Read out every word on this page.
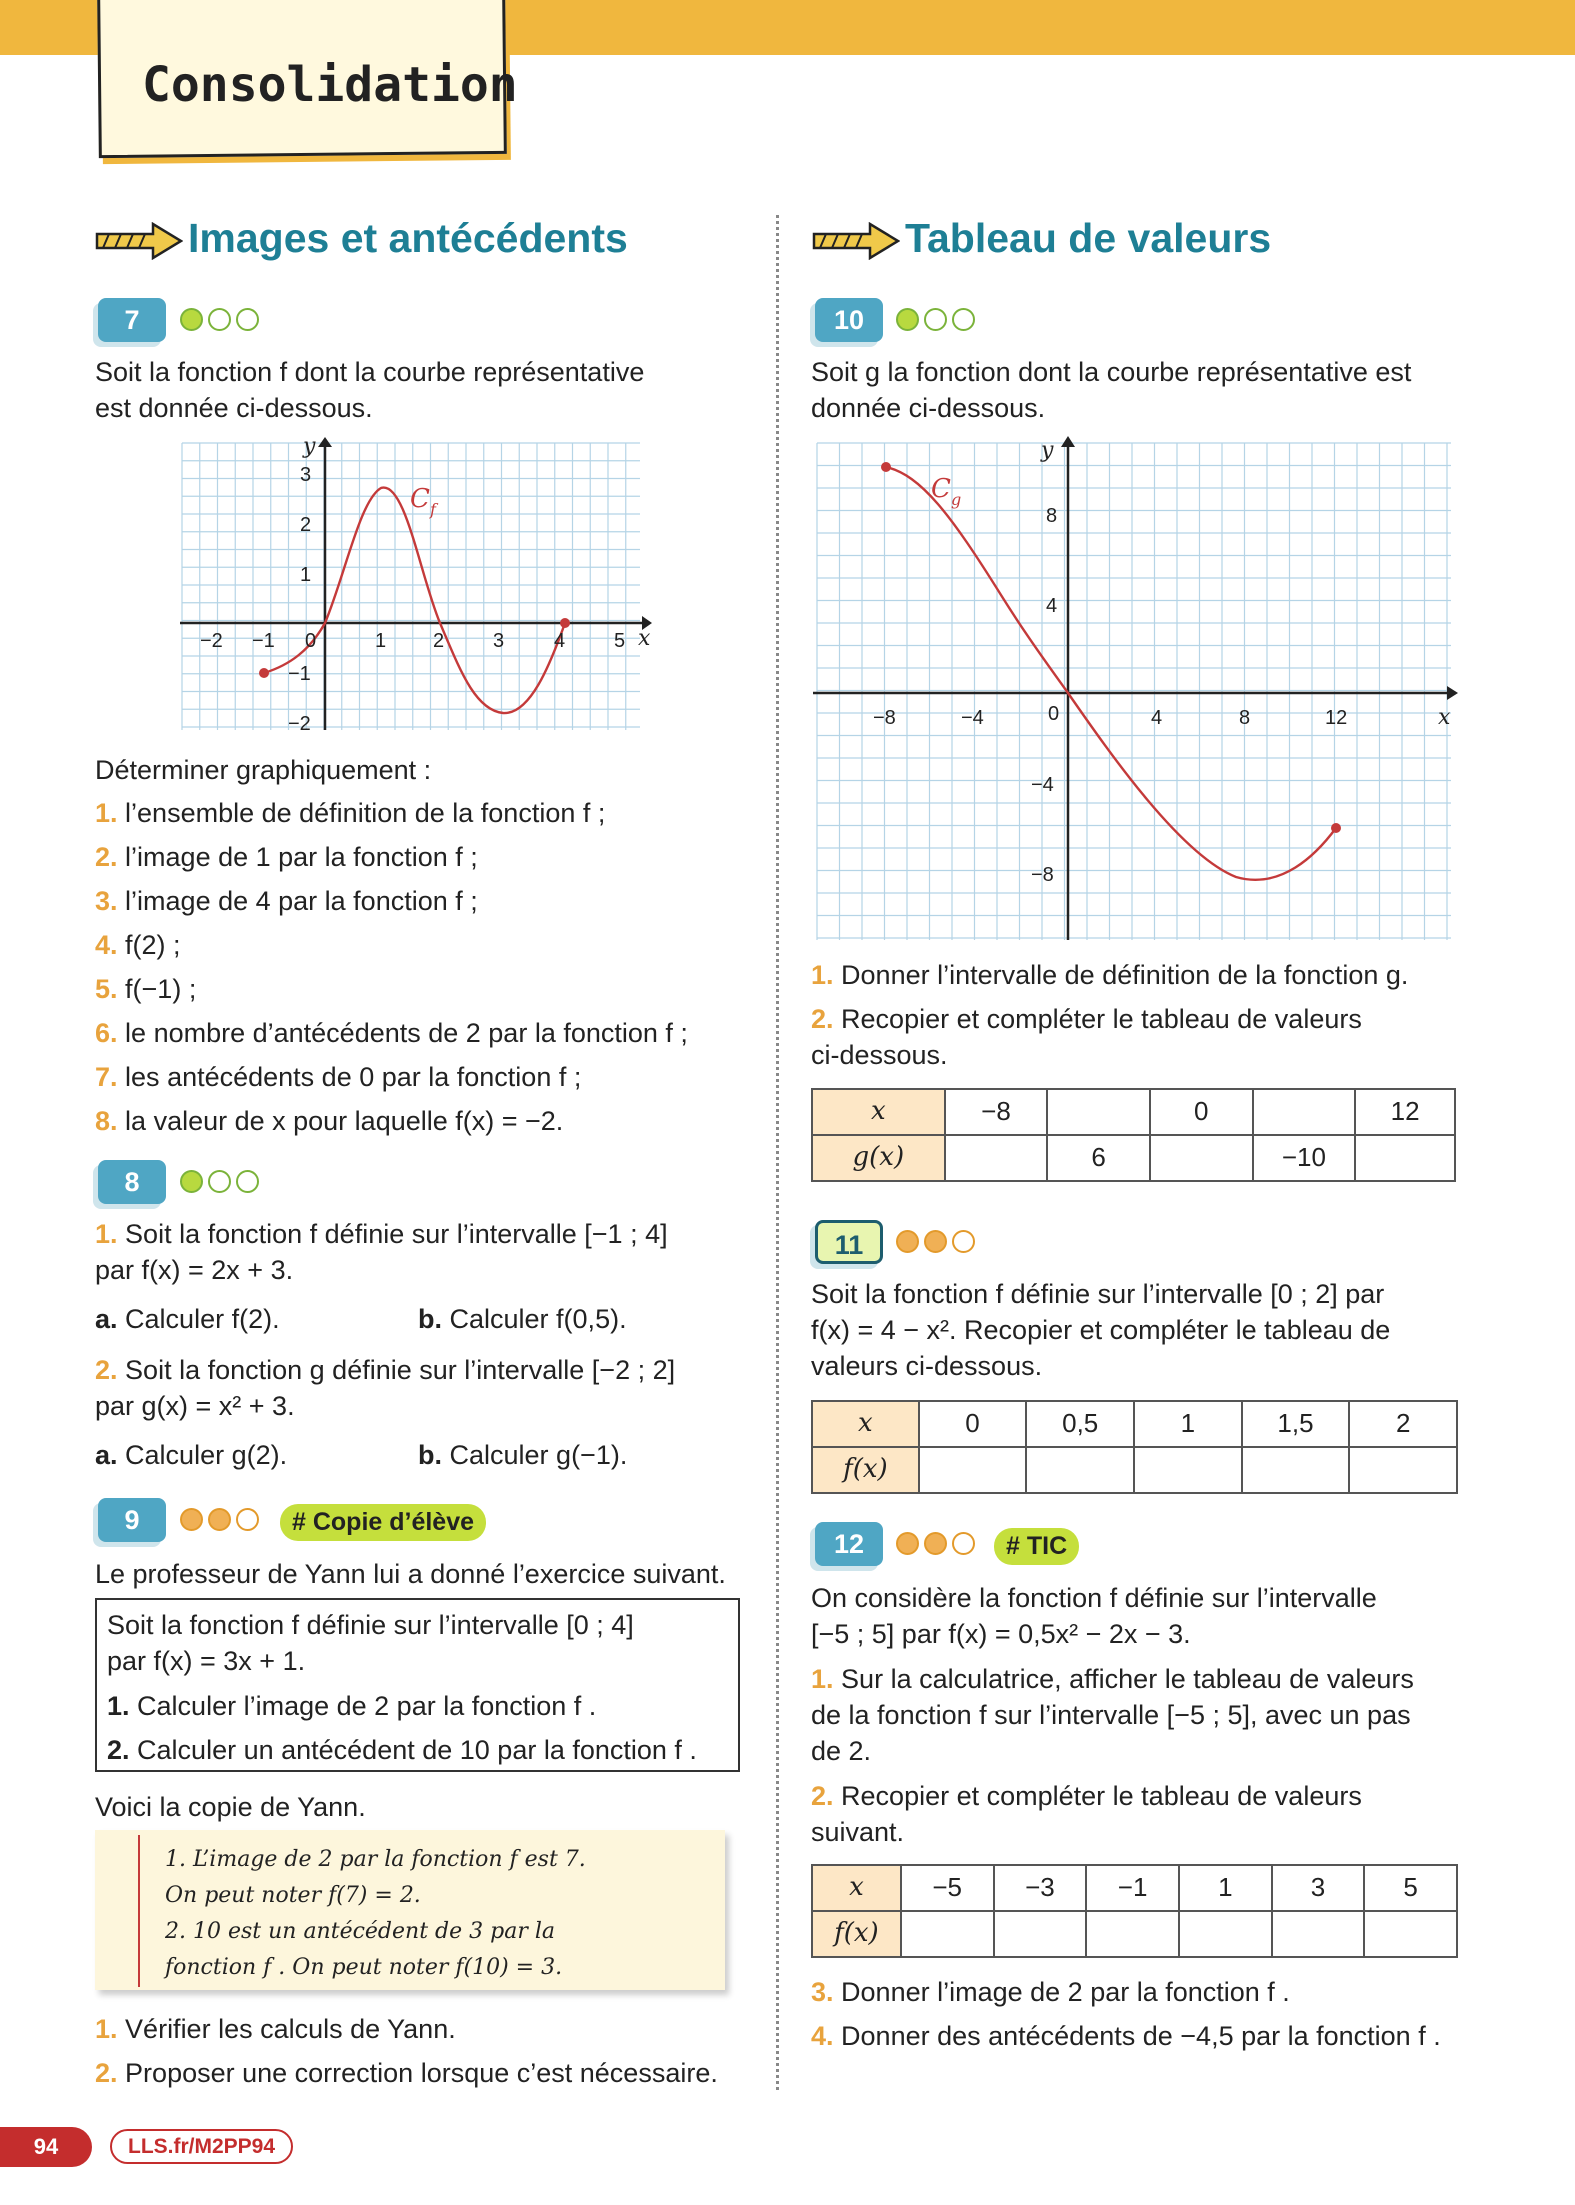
Consolidation
Images et antécédents
7
Soit la fonction f dont la courbe représentative
est donnée ci-dessous.
−2 −1 0	1 2 3 4 5
3
2
1
−1
−2
y
x
C f
Déterminer graphiquement :
1. l’ensemble de définition de la fonction f ;
2. l’image de 1 par la fonction f ;
3. l’image de 4 par la fonction f ;
4. f(2) ;
5. f(−1) ;
6. le nombre d’antécédents de 2 par la fonction f ;
7. les antécédents de 0 par la fonction f ;
8. la valeur de x pour laquelle f(x) = −2.
8
1. Soit la fonction f définie sur l’intervalle [−1 ; 4]
par f(x) = 2x + 3.
a. Calculer f(2).	b. Calculer f(0,5).
2. Soit la fonction g définie sur l’intervalle [−2 ; 2]
par g(x) = x² + 3.
a. Calculer g(2).	b. Calculer g(−1).
9	# Copie d’élève
Le professeur de Yann lui a donné l’exercice suivant.
Soit la fonction f définie sur l’intervalle [0 ; 4]
par f(x) = 3x + 1.
1. Calculer l’image de 2 par la fonction f .
2. Calculer un antécédent de 10 par la fonction f .
Voici la copie de Yann.
1. L’image de 2 par la fonction f est 7.
On peut noter f(7) = 2.
2. 10 est un antécédent de 3 par la
fonction f . On peut noter f(10) = 3.
1. Vérifier les calculs de Yann.
2. Proposer une correction lorsque c’est nécessaire.
Tableau de valeurs
10
Soit g la fonction dont la courbe représentative est
donnée ci-dessous.
−8	−4	0	4	8	12
8
4
−4
−8
y
x
C g
1. Donner l’intervalle de définition de la fonction g.
2. Recopier et compléter le tableau de valeurs
ci-dessous.
x	−8		0		12
g(x)		6		−10	
11
Soit la fonction f définie sur l’intervalle [0 ; 2] par
f(x) = 4 − x². Recopier et compléter le tableau de
valeurs ci-dessous.
x	0	0,5	1	1,5	2
f(x)					
12	# TIC
On considère la fonction f définie sur l’intervalle
[−5 ; 5] par f(x) = 0,5x² − 2x − 3.
1. Sur la calculatrice, afficher le tableau de valeurs
de la fonction f sur l’intervalle [−5 ; 5], avec un pas
de 2.
2. Recopier et compléter le tableau de valeurs
suivant.
x	−5	−3	−1	1	3	5
f(x)						
3. Donner l’image de 2 par la fonction f .
4. Donner des antécédents de −4,5 par la fonction f .
94	LLS.fr/M2PP94
